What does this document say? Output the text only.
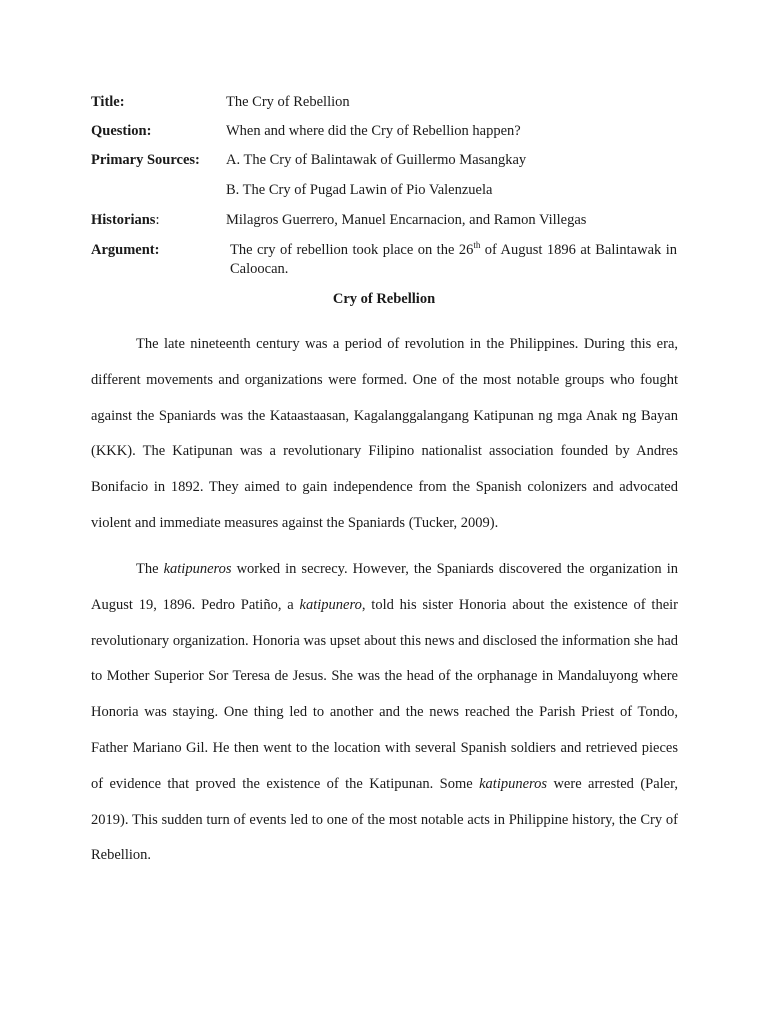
Title:	The Cry of Rebellion
Question:	When and where did the Cry of Rebellion happen?
Primary Sources: A. The Cry of Balintawak of Guillermo Masangkay
B. The Cry of Pugad Lawin of Pio Valenzuela
Historians:	Milagros Guerrero, Manuel Encarnacion, and Ramon Villegas
Argument:	The cry of rebellion took place on the 26th of August 1896 at Balintawak in Caloocan.
Cry of Rebellion

The late nineteenth century was a period of revolution in the Philippines. During this era, different movements and organizations were formed. One of the most notable groups who fought against the Spaniards was the Kataastaasan, Kagalanggalangang Katipunan ng mga Anak ng Bayan (KKK). The Katipunan was a revolutionary Filipino nationalist association founded by Andres Bonifacio in 1892. They aimed to gain independence from the Spanish colonizers and advocated violent and immediate measures against the Spaniards (Tucker, 2009).

The katipuneros worked in secrecy. However, the Spaniards discovered the organization in August 19, 1896. Pedro Patiño, a katipunero, told his sister Honoria about the existence of their revolutionary organization. Honoria was upset about this news and disclosed the information she had to Mother Superior Sor Teresa de Jesus. She was the head of the orphanage in Mandaluyong where Honoria was staying. One thing led to another and the news reached the Parish Priest of Tondo, Father Mariano Gil. He then went to the location with several Spanish soldiers and retrieved pieces of evidence that proved the existence of the Katipunan. Some katipuneros were arrested (Paler, 2019). This sudden turn of events led to one of the most notable acts in Philippine history, the Cry of Rebellion.
